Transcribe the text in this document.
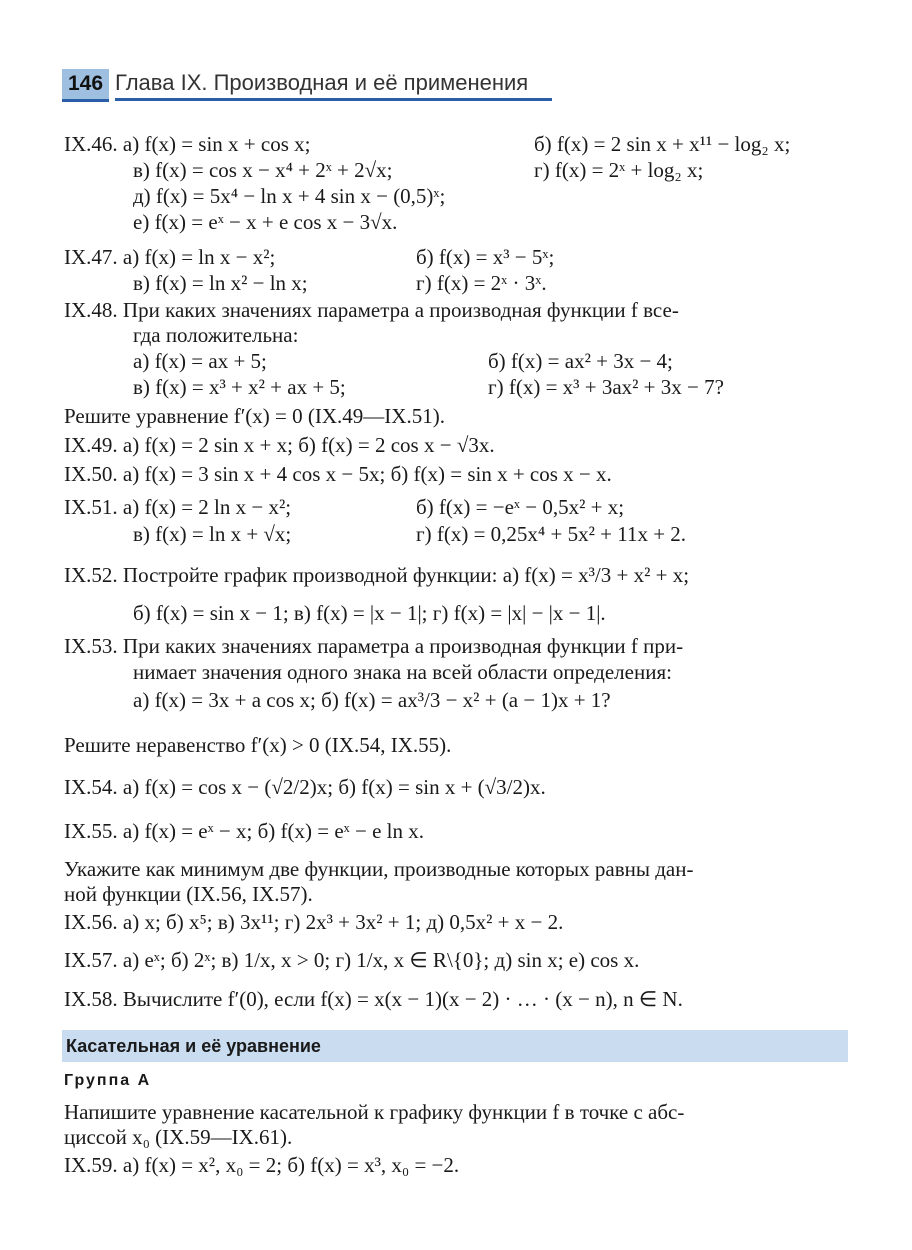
146 Глава IX. Производная и её применения
IX.46. а) f(x) = sin x + cos x;	б) f(x) = 2 sin x + x¹¹ − log₂ x;
в) f(x) = cos x − x⁴ + 2ˣ + 2√x;	г) f(x) = 2ˣ + log₂ x;
д) f(x) = 5x⁴ − ln x + 4 sin x − (0,5)ˣ;
е) f(x) = eˣ − x + e cos x − 3√x.
IX.47. а) f(x) = ln x − x²;	б) f(x) = x³ − 5ˣ;
в) f(x) = ln x² − ln x;	г) f(x) = 2ˣ · 3ˣ.
IX.48. При каких значениях параметра a производная функции f все-
гда положительна:
а) f(x) = ax + 5;	б) f(x) = ax² + 3x − 4;
в) f(x) = x³ + x² + ax + 5;	г) f(x) = x³ + 3ax² + 3x − 7?
Решите уравнение f′(x) = 0 (IX.49—IX.51).
IX.49. а) f(x) = 2 sin x + x; б) f(x) = 2 cos x − √3x.
IX.50. а) f(x) = 3 sin x + 4 cos x − 5x; б) f(x) = sin x + cos x − x.
IX.51. а) f(x) = 2 ln x − x²;	б) f(x) = −eˣ − 0,5x² + x;
в) f(x) = ln x + √x;	г) f(x) = 0,25x⁴ + 5x² + 11x + 2.
IX.52. Постройте график производной функции: а) f(x) = x³/3 + x² + x;
б) f(x) = sin x − 1; в) f(x) = |x − 1|; г) f(x) = |x| − |x − 1|.
IX.53. При каких значениях параметра a производная функции f при-
нимает значения одного знака на всей области определения:
а) f(x) = 3x + a cos x; б) f(x) = ax³/3 − x² + (a − 1)x + 1?
Решите неравенство f′(x) > 0 (IX.54, IX.55).
IX.54. а) f(x) = cos x − (√2/2)x; б) f(x) = sin x + (√3/2)x.
IX.55. а) f(x) = eˣ − x; б) f(x) = eˣ − e ln x.
Укажите как минимум две функции, производные которых равны дан-
ной функции (IX.56, IX.57).
IX.56. а) x; б) x⁵; в) 3x¹¹; г) 2x³ + 3x² + 1; д) 0,5x² + x − 2.
IX.57. а) eˣ; б) 2ˣ; в) 1/x, x > 0; г) 1/x, x ∈ R\{0}; д) sin x; е) cos x.
IX.58. Вычислите f′(0), если f(x) = x(x − 1)(x − 2) · … · (x − n), n ∈ N.
Касательная и её уравнение
Группа А
Напишите уравнение касательной к графику функции f в точке с абс-
циссой x₀ (IX.59—IX.61).
IX.59. а) f(x) = x², x₀ = 2; б) f(x) = x³, x₀ = −2.
